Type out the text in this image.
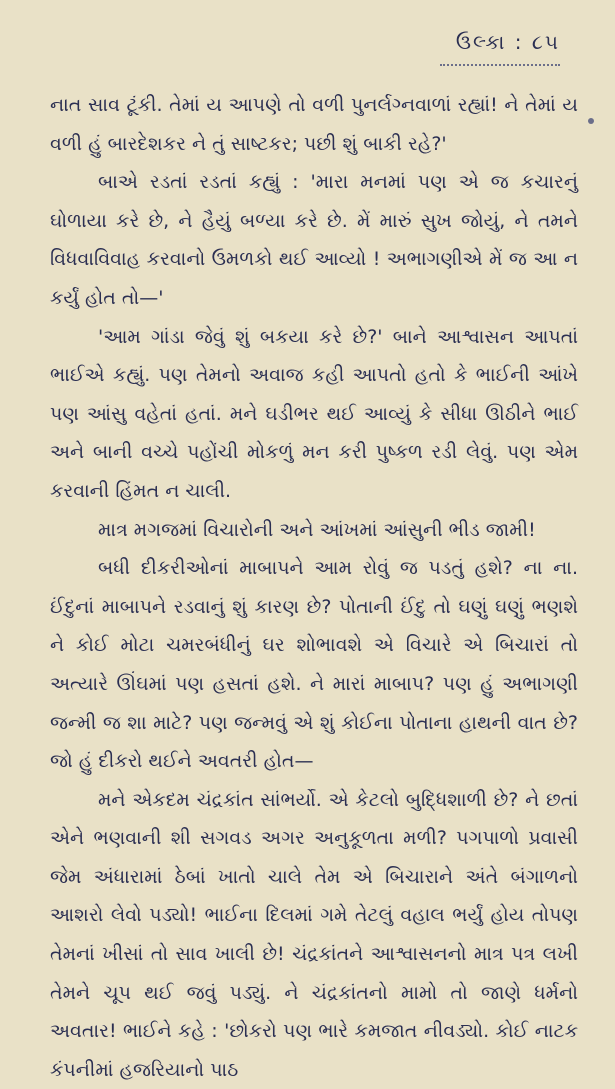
ઉલ્કા : ૮૫

નાત સાવ ટૂંકી. તેમાં ય આપણે તો વળી પુનર્લગ્નવાળાં રહ્યાં! ને તેમાં ય વળી હું બારદેશકર ને તું સાષ્ટકર; પછી શું બાકી રહે?'

બાએ રડતાં રડતાં કહ્યું : 'મારા મનમાં પણ એ જ કચારનું ઘોળાયા કરે છે, ને હૈયું બળ્યા કરે છે. મેં મારું સુખ જોયું, ને તમને વિધવાવિવાહ કરવાનો ઉમળકો થઈ આવ્યો ! અભાગણીએ મેં જ આ ન કર્યું હોત તો—'

'આમ ગાંડા જેવું શું બકયા કરે છે?' બાને આશ્વાસન આપતાં ભાઈએ કહ્યું. પણ તેમનો અવાજ કહી આપતો હતો કે ભાઈની આંખે પણ આંસુ વહેતાં હતાં. મને ઘડીભર થઈ આવ્યું કે સીધા ઊઠીને ભાઈ અને બાની વચ્ચે પહોંચી મોકળું મન કરી પુષ્કળ રડી લેવું. પણ એમ કરવાની હિંમત ન ચાલી.

માત્ર મગજમાં વિચારોની અને આંખમાં આંસુની ભીડ જામી!

બધી દીકરીઓનાં માબાપને આમ રોવું જ પડતું હશે? ના ના. ઈંદુનાં માબાપને રડવાનું શું કારણ છે? પોતાની ઈંદુ તો ઘણું ઘણું ભણશે ને કોઈ મોટા ચમરબંધીનું ઘર શોભાવશે એ વિચારે એ બિચારાં તો અત્યારે ઊંઘમાં પણ હસતાં હશે. ને મારાં માબાપ? પણ હું અભાગણી જન્મી જ શા માટે? પણ જન્મવું એ શું કોઈના પોતાના હાથની વાત છે? જો હું દીકરો થઈને અવતરી હોત—

મને એકદમ ચંદ્રકાંત સાંભર્યો. એ કેટલો બુદ્ધિશાળી છે? ને છતાં એને ભણવાની શી સગવડ અગર અનુકૂળતા મળી? પગપાળો પ્રવાસી જેમ અંધારામાં ઠેબાં ખાતો ચાલે તેમ એ બિચારાને અંતે બંગાળનો આશરો લેવો પડ્યો! ભાઈના દિલમાં ગમે તેટલું વહાલ ભર્યું હોય તોપણ તેમનાં ખીસાં તો સાવ ખાલી છે! ચંદ્રકાંતને આશ્વાસનનો માત્ર પત્ર લખી તેમને ચૂપ થઈ જવું પડ્યું. ને ચંદ્રકાંતનો મામો તો જાણે ધર્મનો અવતાર! ભાઈને કહે : 'છોકરો પણ ભારે કમજાત નીવડ્યો. કોઈ નાટક કંપનીમાં હજરિયાનો પાઠ
